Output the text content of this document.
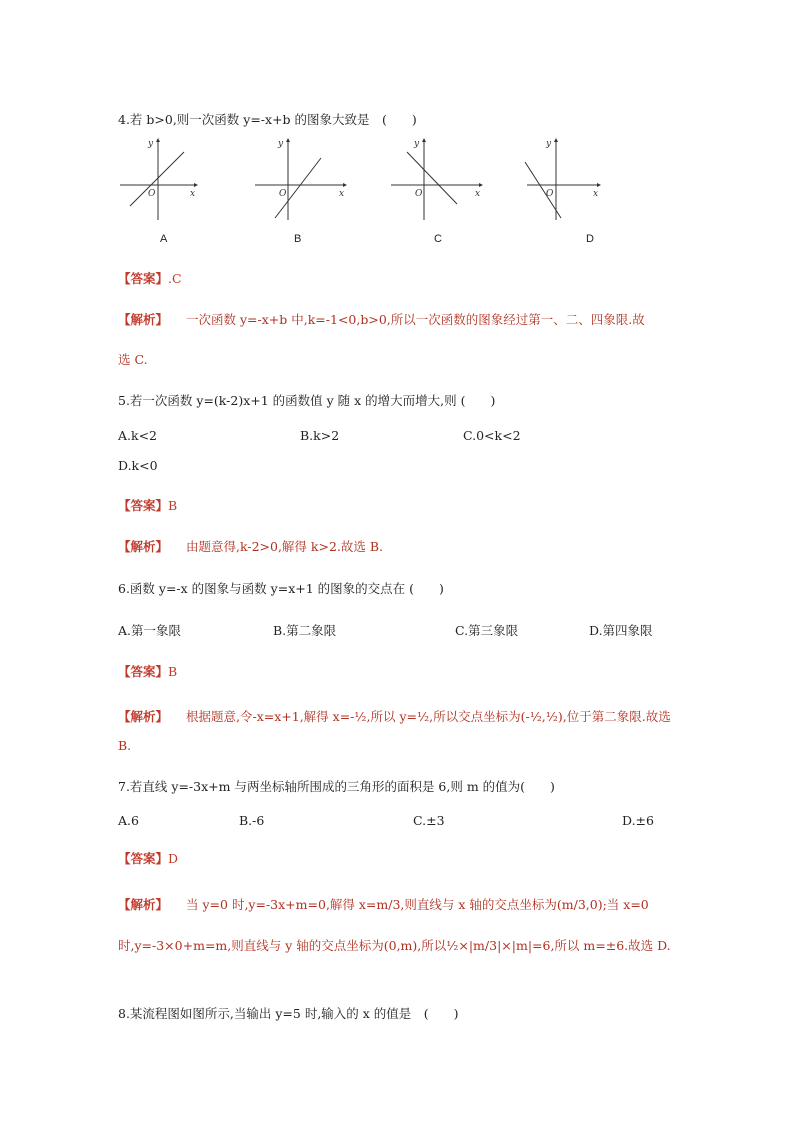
4.若 b>0,则一次函数 y=-x+b 的图象大致是　(　　)
y
x
O
A
y
x
O
B
y
x
O
C
y
x
O
D
【答案】.C
【解析】 一次函数 y=-x+b 中,k=-1<0,b>0,所以一次函数的图象经过第一、二、四象限.故
选 C.
5.若一次函数 y=(k-2)x+1 的函数值 y 随 x 的增大而增大,则 (　　)
A.k<2	B.k>2	C.0<k<2
D.k<0
【答案】B
【解析】 由题意得,k-2>0,解得 k>2.故选 B.
6.函数 y=-x 的图象与函数 y=x+1 的图象的交点在 (　　)
A.第一象限	B.第二象限	C.第三象限	D.第四象限
【答案】B
【解析】 根据题意,令-x=x+1,解得 x=-½,所以 y=½,所以交点坐标为(-½,½),位于第二象限.故选
B.
7.若直线 y=-3x+m 与两坐标轴所围成的三角形的面积是 6,则 m 的值为(　　)
A.6	B.-6	C.±3	D.±6
【答案】D
【解析】 当 y=0 时,y=-3x+m=0,解得 x=m/3,则直线与 x 轴的交点坐标为(m/3,0);当 x=0
时,y=-3×0+m=m,则直线与 y 轴的交点坐标为(0,m),所以½×|m/3|×|m|=6,所以 m=±6.故选 D.
8.某流程图如图所示,当输出 y=5 时,输入的 x 的值是　(　　)
